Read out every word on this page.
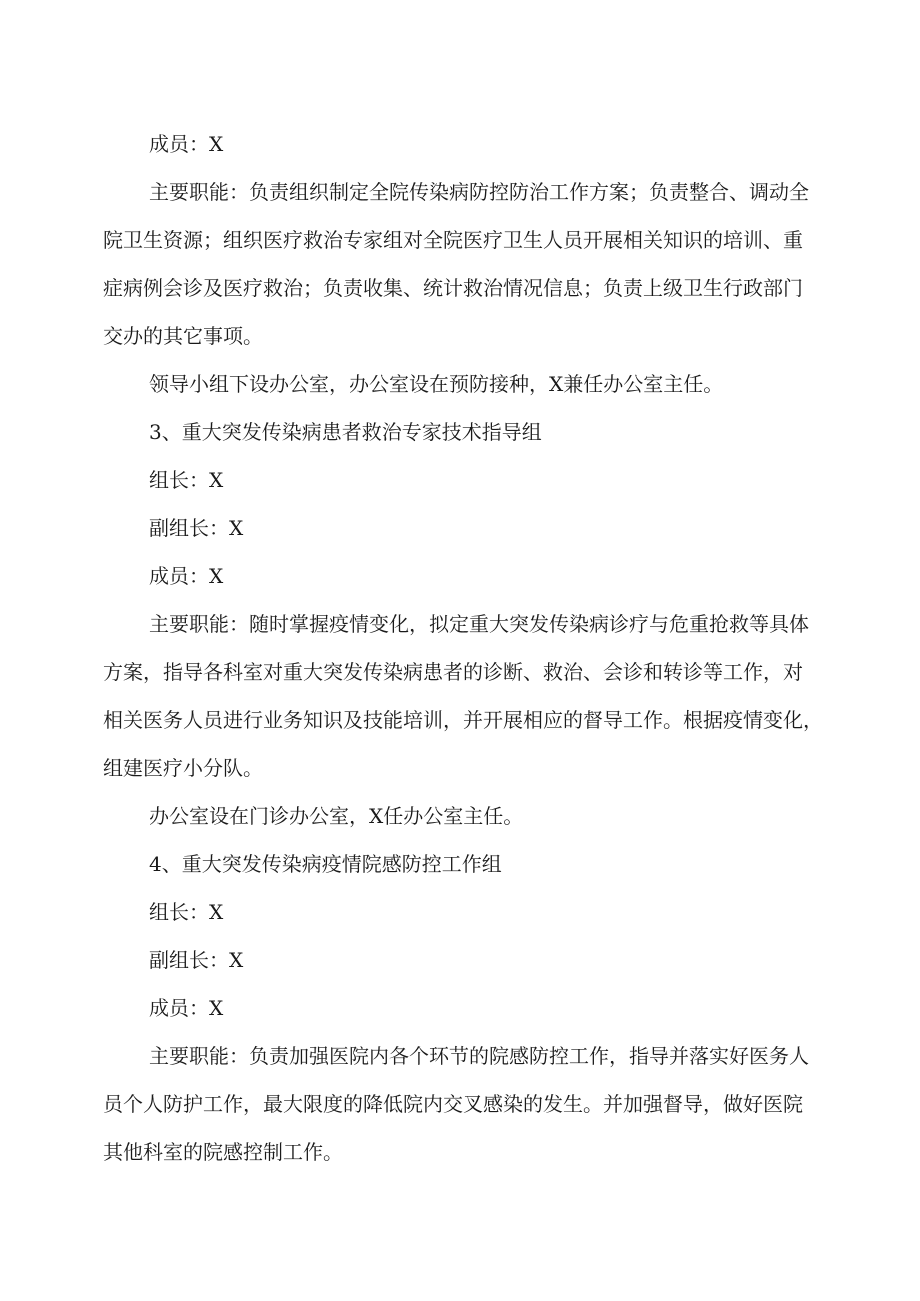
成员：X

主要职能：负责组织制定全院传染病防控防治工作方案；负责整合、调动全
院卫生资源；组织医疗救治专家组对全院医疗卫生人员开展相关知识的培训、重
症病例会诊及医疗救治；负责收集、统计救治情况信息；负责上级卫生行政部门
交办的其它事项。

领导小组下设办公室，办公室设在预防接种，X兼任办公室主任。

3、重大突发传染病患者救治专家技术指导组

组长：X

副组长：X

成员：X

主要职能：随时掌握疫情变化，拟定重大突发传染病诊疗与危重抢救等具体
方案，指导各科室对重大突发传染病患者的诊断、救治、会诊和转诊等工作，对
相关医务人员进行业务知识及技能培训，并开展相应的督导工作。根据疫情变化，
组建医疗小分队。

办公室设在门诊办公室，X任办公室主任。

4、重大突发传染病疫情院感防控工作组

组长：X

副组长：X

成员：X

主要职能：负责加强医院内各个环节的院感防控工作，指导并落实好医务人
员个人防护工作，最大限度的降低院内交叉感染的发生。并加强督导，做好医院
其他科室的院感控制工作。
